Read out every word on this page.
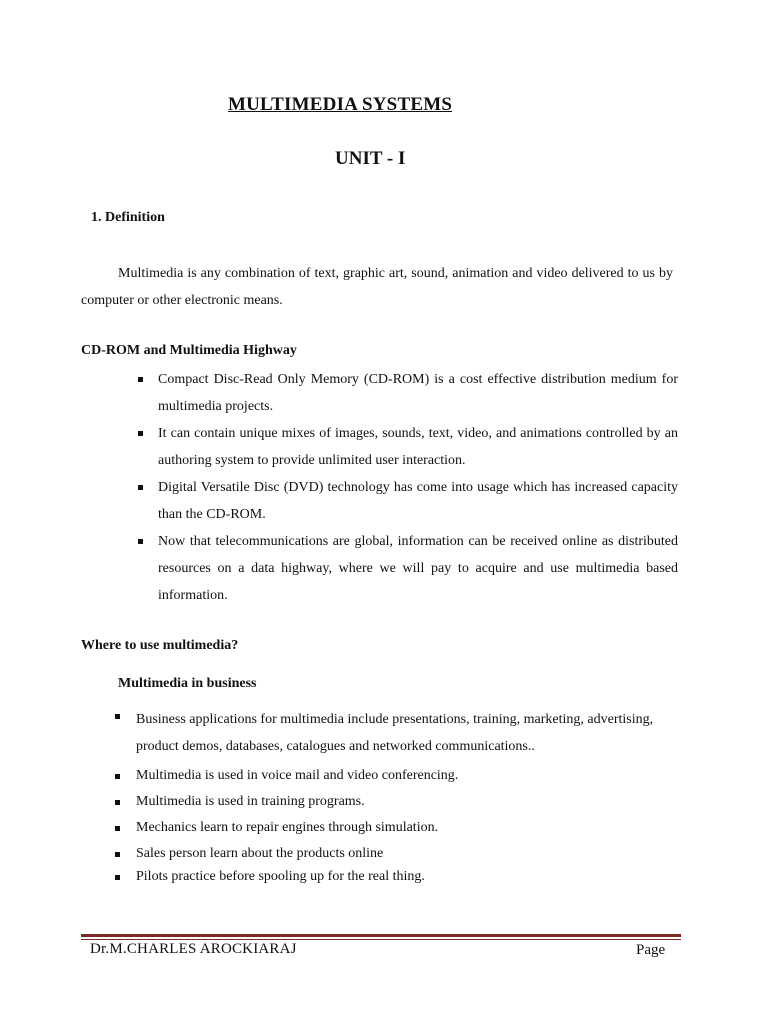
MULTIMEDIA SYSTEMS
UNIT - I
1. Definition
Multimedia is any combination of text, graphic art, sound, animation and video delivered to us by computer or other electronic means.
CD-ROM and Multimedia Highway
Compact Disc-Read Only Memory (CD-ROM) is a cost effective distribution medium for multimedia projects.
It can contain unique mixes of images, sounds, text, video, and animations controlled by an authoring system to provide unlimited user interaction.
Digital Versatile Disc (DVD) technology has come into usage which has increased capacity than the CD-ROM.
Now that telecommunications are global, information can be received online as distributed resources on a data highway, where we will pay to acquire and use multimedia based information.
Where to use multimedia?
Multimedia in business
Business applications for multimedia include presentations, training, marketing, advertising, product demos, databases, catalogues and networked communications..
Multimedia is used in voice mail and video conferencing.
Multimedia is used in training programs.
Mechanics learn to repair engines through simulation.
Sales person learn about the products online
Pilots practice before spooling up for the real thing.
Dr.M.CHARLES AROCKIARAJ	Page
